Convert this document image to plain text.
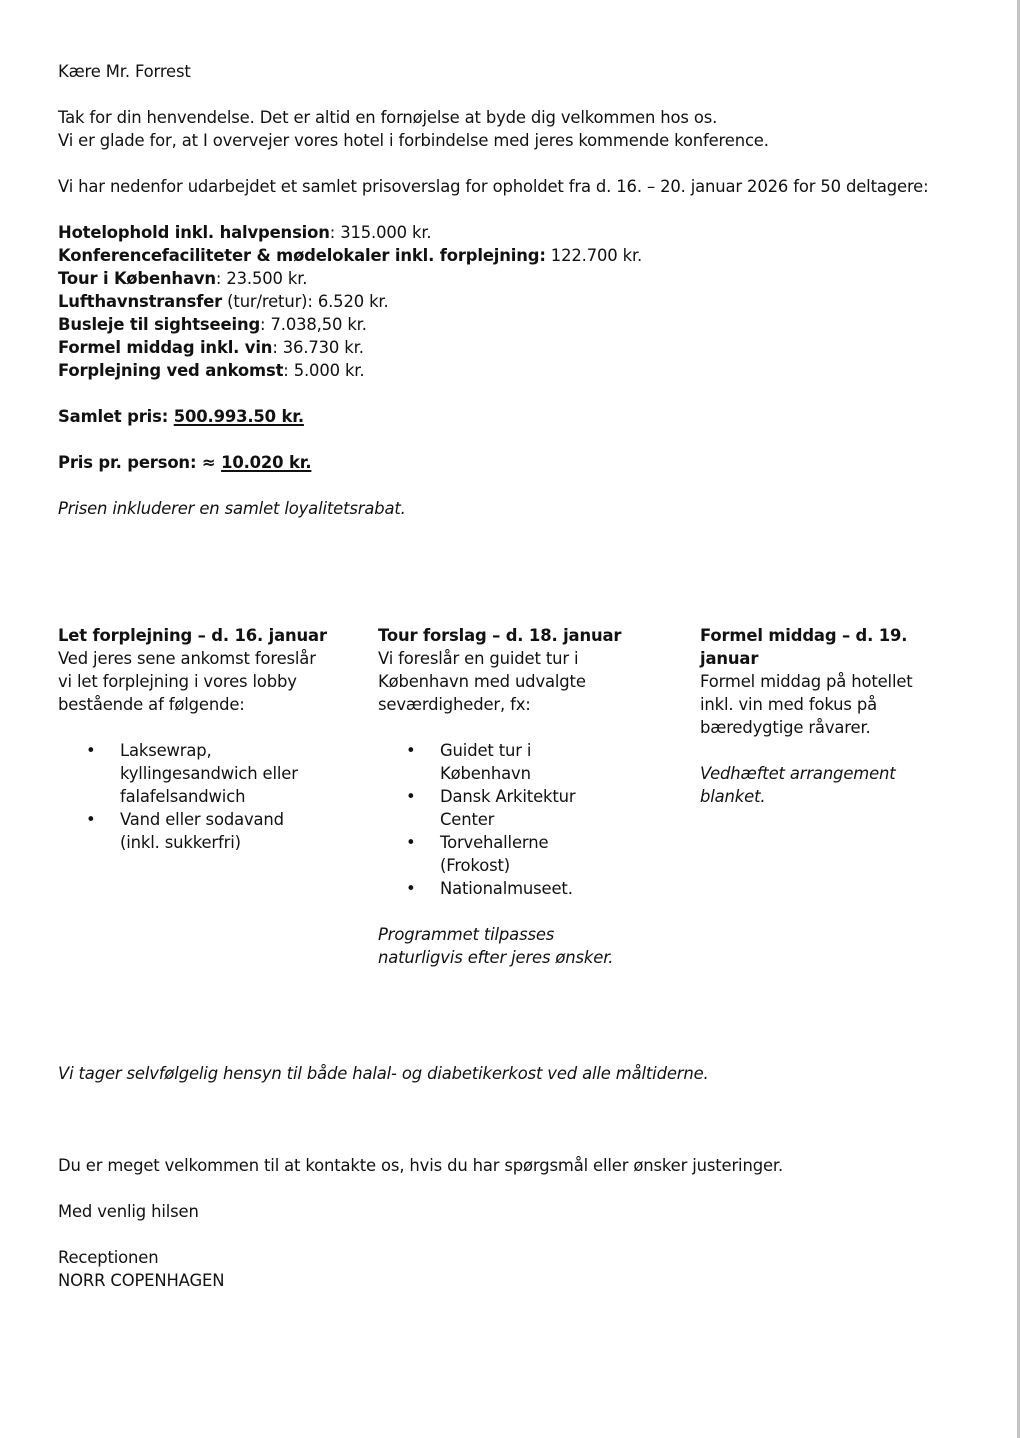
Kære Mr. Forrest

Tak for din henvendelse. Det er altid en fornøjelse at byde dig velkommen hos os.

Vi er glade for, at I overvejer vores hotel i forbindelse med jeres kommende konference.

Vi har nedenfor udarbejdet et samlet prisoverslag for opholdet fra d. 16. – 20. januar 2026 for 50 deltagere:

Hotelophold inkl. halvpension: 315.000 kr.

Konferencefaciliteter & mødelokaler inkl. forplejning: 122.700 kr.

Tour i København: 23.500 kr.

Lufthavnstransfer (tur/retur): 6.520 kr.

Busleje til sightseeing: 7.038,50 kr.

Formel middag inkl. vin: 36.730 kr.

Forplejning ved ankomst: 5.000 kr.

Samlet pris: 500.993.50 kr.

Pris pr. person: ≈ 10.020 kr.

Prisen inkluderer en samlet loyalitetsrabat.

Let forplejning – d. 16. januar

Ved jeres sene ankomst foreslår vi let forplejning i vores lobby bestående af følgende:

• Laksewrap, kyllingesandwich eller falafelsandwich
• Vand eller sodavand (inkl. sukkerfri)

Tour forslag – d. 18. januar

Vi foreslår en guidet tur i København med udvalgte seværdigheder, fx:

• Guidet tur i København
• Dansk Arkitektur Center
• Torvehallerne (Frokost)
• Nationalmuseet.

Programmet tilpasses naturligvis efter jeres ønsker.

Formel middag – d. 19. januar

Formel middag på hotellet inkl. vin med fokus på bæredygtige råvarer.

Vedhæftet arrangement blanket.

Vi tager selvfølgelig hensyn til både halal- og diabetikerkost ved alle måltiderne.

Du er meget velkommen til at kontakte os, hvis du har spørgsmål eller ønsker justeringer.

Med venlig hilsen

Receptionen

NORR COPENHAGEN
